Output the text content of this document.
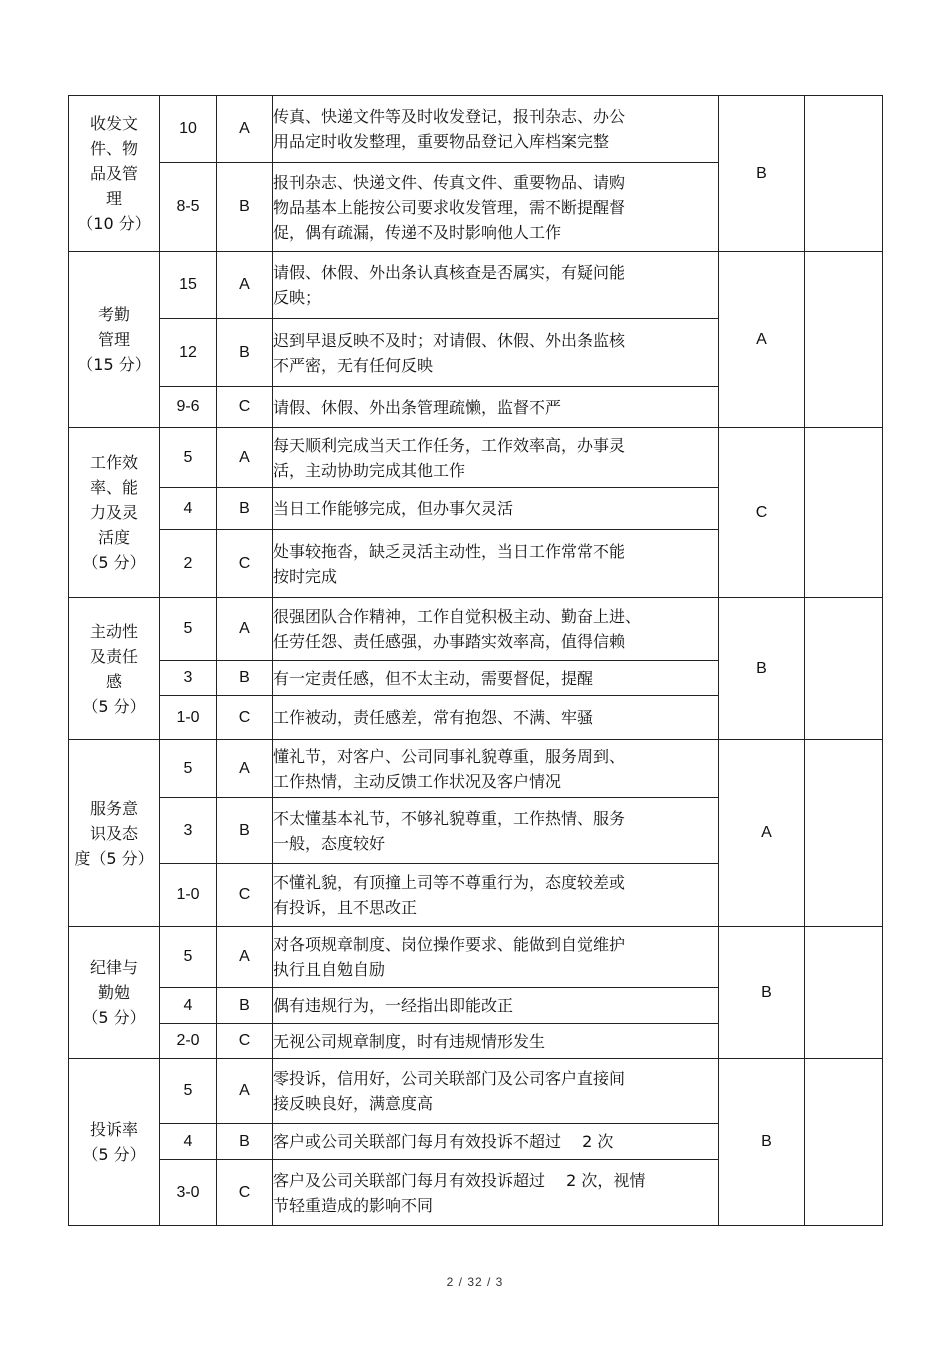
收发文
件、物
品及管
理
（10 分）	10	A	传真、快递文件等及时收发登记，报刊杂志、办公
用品定时收发整理，重要物品登记入库档案完整	B	
	8-5	B	报刊杂志、快递文件、传真文件、重要物品、请购
物品基本上能按公司要求收发管理，需不断提醒督
促，偶有疏漏，传递不及时影响他人工作		

考勤
管理
（15 分）	15	A	请假、休假、外出条认真核查是否属实，有疑问能
反映；	A	
	12	B	迟到早退反映不及时；对请假、休假、外出条监核
不严密，无有任何反映		

	9-6	C	请假、休假、外出条管理疏懒，监督不严		

工作效
率、能
力及灵
活度
（5 分）	5	A	每天顺利完成当天工作任务，工作效率高，办事灵
活，主动协助完成其他工作	C	
	4	B	当日工作能够完成，但办事欠灵活		

	2	C	处事较拖沓，缺乏灵活主动性，当日工作常常不能
按时完成		

主动性
及责任
感
（5 分）	5	A	很强团队合作精神，工作自觉积极主动、勤奋上进、
任劳任怨、责任感强，办事踏实效率高，值得信赖	B	
	3	B	有一定责任感，但不太主动，需要督促，提醒		

	1-0	C	工作被动，责任感差，常有抱怨、不满、牢骚		

服务意
识及态
度（5 分）	5	A	懂礼节，对客户、公司同事礼貌尊重，服务周到、
工作热情，主动反馈工作状况及客户情况	A	
	3	B	不太懂基本礼节，不够礼貌尊重，工作热情、服务
一般，态度较好		

	1-0	C	不懂礼貌，有顶撞上司等不尊重行为，态度较差或
有投诉，且不思改正		

纪律与
勤勉
（5 分）	5	A	对各项规章制度、岗位操作要求、能做到自觉维护
执行且自勉自励	B	
	4	B	偶有违规行为，一经指出即能改正		

	2-0	C	无视公司规章制度，时有违规情形发生		

投诉率
（5 分）	5	A	零投诉，信用好，公司关联部门及公司客户直接间
接反映良好，满意度高	B	
	4	B	客户或公司关联部门每月有效投诉不超过　 2 次		

	3-0	C	客户及公司关联部门每月有效投诉超过　 2 次，视情
节轻重造成的影响不同		
2 / 32 / 3
